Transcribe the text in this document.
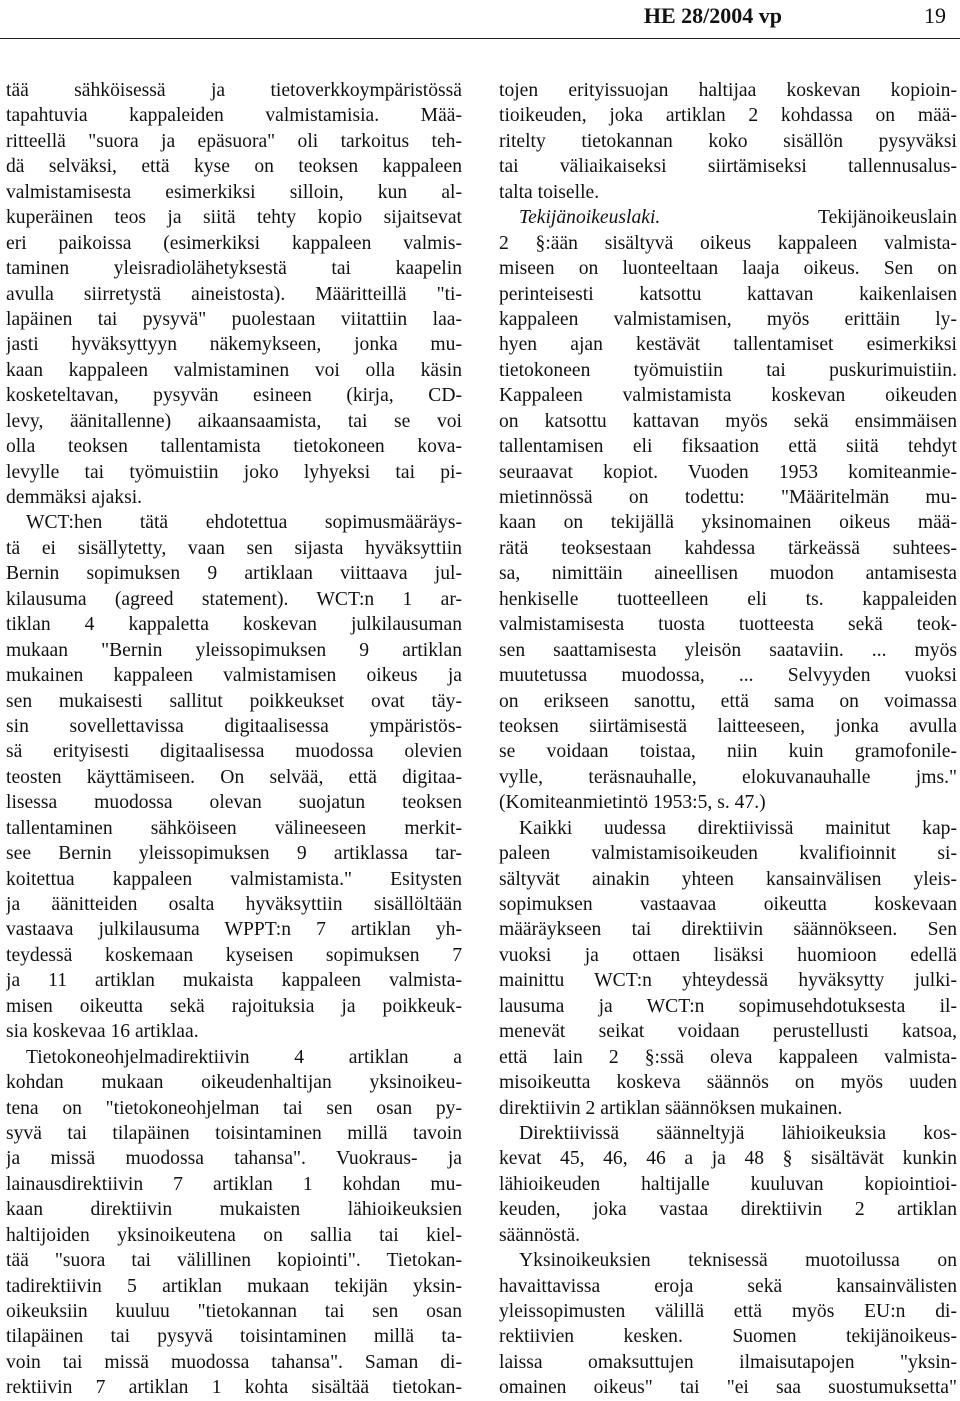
HE 28/2004 vp	19
tää sähköisessä ja tietoverkkoympäristössä
tapahtuvia kappaleiden valmistamisia. Mää-
ritteellä "suora ja epäsuora" oli tarkoitus teh-
dä selväksi, että kyse on teoksen kappaleen
valmistamisesta esimerkiksi silloin, kun al-
kuperäinen teos ja siitä tehty kopio sijaitsevat
eri paikoissa (esimerkiksi kappaleen valmis-
taminen yleisradiolähetyksestä tai kaapelin
avulla siirretystä aineistosta). Määritteillä "ti-
lapäinen tai pysyvä" puolestaan viitattiin laa-
jasti hyväksyttyyn näkemykseen, jonka mu-
kaan kappaleen valmistaminen voi olla käsin
kosketeltavan, pysyvän esineen (kirja, CD-
levy, äänitallenne) aikaansaamista, tai se voi
olla teoksen tallentamista tietokoneen kova-
levylle tai työmuistiin joko lyhyeksi tai pi-
demmäksi ajaksi.
WCT:hen tätä ehdotettua sopimusmääräys-
tä ei sisällytetty, vaan sen sijasta hyväksyttiin
Bernin sopimuksen 9 artiklaan viittaava jul-
kilausuma (agreed statement). WCT:n 1 ar-
tiklan 4 kappaletta koskevan julkilausuman
mukaan "Bernin yleissopimuksen 9 artiklan
mukainen kappaleen valmistamisen oikeus ja
sen mukaisesti sallitut poikkeukset ovat täy-
sin sovellettavissa digitaalisessa ympäristös-
sä erityisesti digitaalisessa muodossa olevien
teosten käyttämiseen. On selvää, että digitaa-
lisessa muodossa olevan suojatun teoksen
tallentaminen sähköiseen välineeseen merkit-
see Bernin yleissopimuksen 9 artiklassa tar-
koitettua kappaleen valmistamista." Esitysten
ja äänitteiden osalta hyväksyttiin sisällöltään
vastaava julkilausuma WPPT:n 7 artiklan yh-
teydessä koskemaan kyseisen sopimuksen 7
ja 11 artiklan mukaista kappaleen valmista-
misen oikeutta sekä rajoituksia ja poikkeuk-
sia koskevaa 16 artiklaa.
Tietokoneohjelmadirektiivin 4 artiklan a
kohdan mukaan oikeudenhaltijan yksinoikeu-
tena on "tietokoneohjelman tai sen osan py-
syvä tai tilapäinen toisintaminen millä tavoin
ja missä muodossa tahansa". Vuokraus- ja
lainausdirektiivin 7 artiklan 1 kohdan mu-
kaan direktiivin mukaisten lähioikeuksien
haltijoiden yksinoikeutena on sallia tai kiel-
tää "suora tai välillinen kopiointi". Tietokan-
tadirektiivin 5 artiklan mukaan tekijän yksin-
oikeuksiin kuuluu "tietokannan tai sen osan
tilapäinen tai pysyvä toisintaminen millä ta-
voin tai missä muodossa tahansa". Saman di-
rektiivin 7 artiklan 1 kohta sisältää tietokan-
tojen erityissuojan haltijaa koskevan kopioin-
tioikeuden, joka artiklan 2 kohdassa on mää-
ritelty tietokannan koko sisällön pysyväksi
tai väliaikaiseksi siirtämiseksi tallennusalus-
talta toiselle.
Tekijänoikeuslaki.	Tekijänoikeuslain
2 §:ään sisältyvä oikeus kappaleen valmista-
miseen on luonteeltaan laaja oikeus. Sen on
perinteisesti katsottu kattavan kaikenlaisen
kappaleen valmistamisen, myös erittäin ly-
hyen ajan kestävät tallentamiset esimerkiksi
tietokoneen työmuistiin tai puskurimuistiin.
Kappaleen valmistamista koskevan oikeuden
on katsottu kattavan myös sekä ensimmäisen
tallentamisen eli fiksaation että siitä tehdyt
seuraavat kopiot. Vuoden 1953 komiteanmie-
mietinnössä on todettu: "Määritelmän mu-
kaan on tekijällä yksinomainen oikeus mää-
rätä teoksestaan kahdessa tärkeässä suhtees-
sa, nimittäin aineellisen muodon antamisesta
henkiselle tuotteelleen eli ts. kappaleiden
valmistamisesta tuosta tuotteesta sekä teok-
sen saattamisesta yleisön saataviin. ... myös
muutetussa muodossa, ... Selvyyden vuoksi
on erikseen sanottu, että sama on voimassa
teoksen siirtämisestä laitteeseen, jonka avulla
se voidaan toistaa, niin kuin gramofonile-
vylle, teräsnauhalle, elokuvanauhalle jms."
(Komiteanmietintö 1953:5, s. 47.)
Kaikki uudessa direktiivissä mainitut kap-
paleen valmistamisoikeuden kvalifioinnit si-
sältyvät ainakin yhteen kansainvälisen yleis-
sopimuksen vastaavaa oikeutta koskevaan
määräykseen tai direktiivin säännökseen. Sen
vuoksi ja ottaen lisäksi huomioon edellä
mainittu WCT:n yhteydessä hyväksytty julki-
lausuma ja WCT:n sopimusehdotuksesta il-
menevät seikat voidaan perustellusti katsoa,
että lain 2 §:ssä oleva kappaleen valmista-
misoikeutta koskeva säännös on myös uuden
direktiivin 2 artiklan säännöksen mukainen.
Direktiivissä säänneltyjä lähioikeuksia kos-
kevat 45, 46, 46 a ja 48 § sisältävät kunkin
lähioikeuden haltijalle kuuluvan kopiointioi-
keuden, joka vastaa direktiivin 2 artiklan
säännöstä.
Yksinoikeuksien teknisessä muotoilussa on
havaittavissa eroja sekä kansainvälisten
yleissopimusten välillä että myös EU:n di-
rektiivien kesken. Suomen tekijänoikeus-
laissa omaksuttujen ilmaisutapojen "yksin-
omainen oikeus" tai "ei saa suostumuksetta"
